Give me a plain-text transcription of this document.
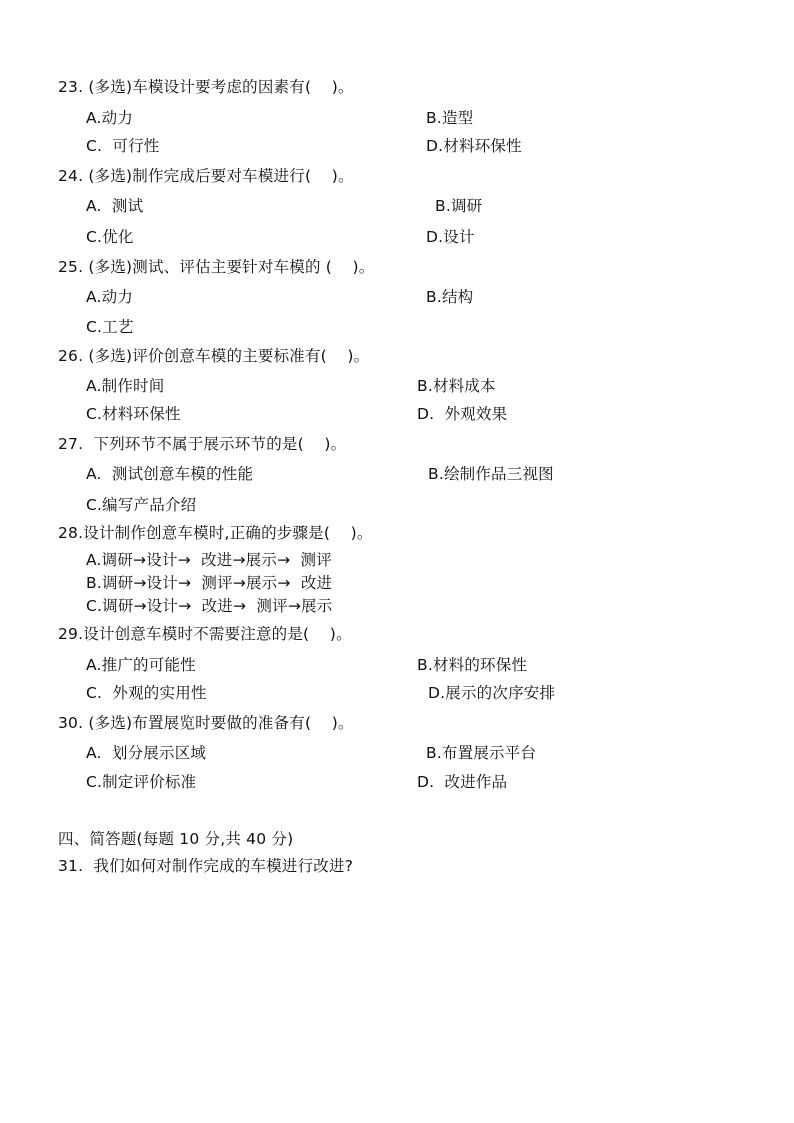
23. (多选)车模设计要考虑的因素有(    )。
A.动力	B.造型
C.  可行性	D.材料环保性
24. (多选)制作完成后要对车模进行(    )。
A.  测试	B.调研
C.优化	D.设计
25. (多选)测试、评估主要针对车模的 (    )。
A.动力	B.结构
C.工艺
26. (多选)评价创意车模的主要标准有(    )。
A.制作时间	B.材料成本
C.材料环保性	D.  外观效果
27.  下列环节不属于展示环节的是(    )。
A.  测试创意车模的性能	B.绘制作品三视图
C.编写产品介绍
28.设计制作创意车模时,正确的步骤是(    )。
A.调研→设计→  改进→展示→  测评
B.调研→设计→  测评→展示→  改进
C.调研→设计→  改进→  测评→展示
29.设计创意车模时不需要注意的是(    )。
A.推广的可能性	B.材料的环保性
C.  外观的实用性	D.展示的次序安排
30. (多选)布置展览时要做的准备有(    )。
A.  划分展示区域	B.布置展示平台
C.制定评价标准	D.  改进作品
四、简答题(每题 10 分,共 40 分)
31.  我们如何对制作完成的车模进行改进?
